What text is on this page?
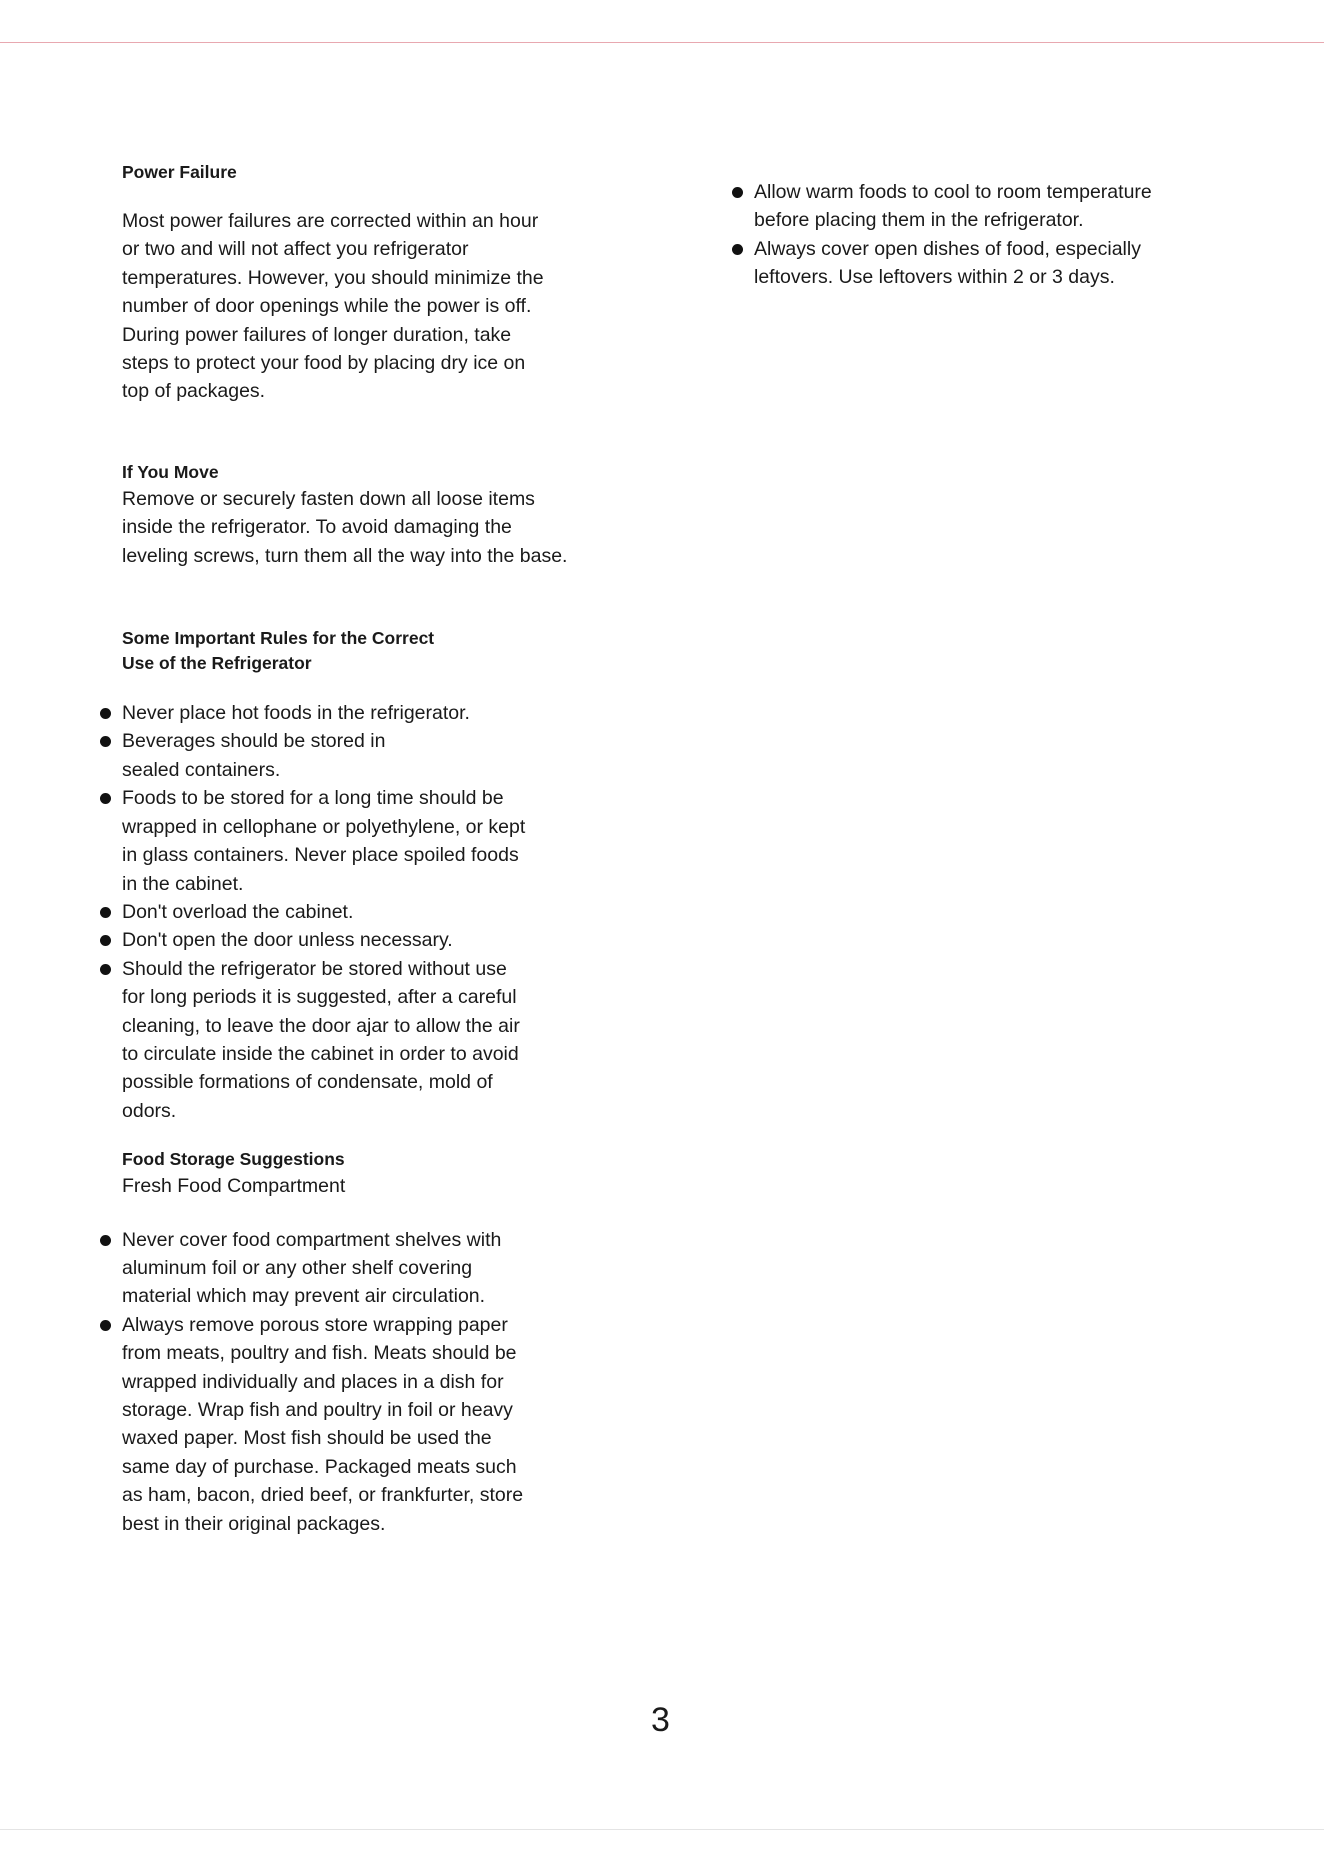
Power Failure

Most power failures are corrected within an hour
or two and will not affect you refrigerator
temperatures. However, you should minimize the
number of door openings while the power is off.
During power failures of longer duration, take
steps to protect your food by placing dry ice on
top of packages.

If You Move

Remove or securely fasten down all loose items
inside the refrigerator. To avoid damaging the
leveling screws, turn them all the way into the base.

Some Important Rules for the Correct
Use of the Refrigerator
Never place hot foods in the refrigerator.
Beverages should be stored in
sealed containers.
Foods to be stored for a long time should be
wrapped in cellophane or polyethylene, or kept
in glass containers. Never place spoiled foods
in the cabinet.
Don't overload the cabinet.
Don't open the door unless necessary.
Should the refrigerator be stored without use
for long periods it is suggested, after a careful
cleaning, to leave the door ajar to allow the air
to circulate inside the cabinet in order to avoid
possible formations of condensate, mold of
odors.
Food Storage Suggestions

Fresh Food Compartment

Never cover food compartment shelves with
aluminum foil or any other shelf covering
material which may prevent air circulation.
Always remove porous store wrapping paper
from meats, poultry and fish. Meats should be
wrapped individually and places in a dish for
storage. Wrap fish and poultry in foil or heavy
waxed paper. Most fish should be used the
same day of purchase. Packaged meats such
as ham, bacon, dried beef, or frankfurter, store
best in their original packages.
Allow warm foods to cool to room temperature
before placing them in the refrigerator.
Always cover open dishes of food, especially
leftovers. Use leftovers within 2 or 3 days.
3
